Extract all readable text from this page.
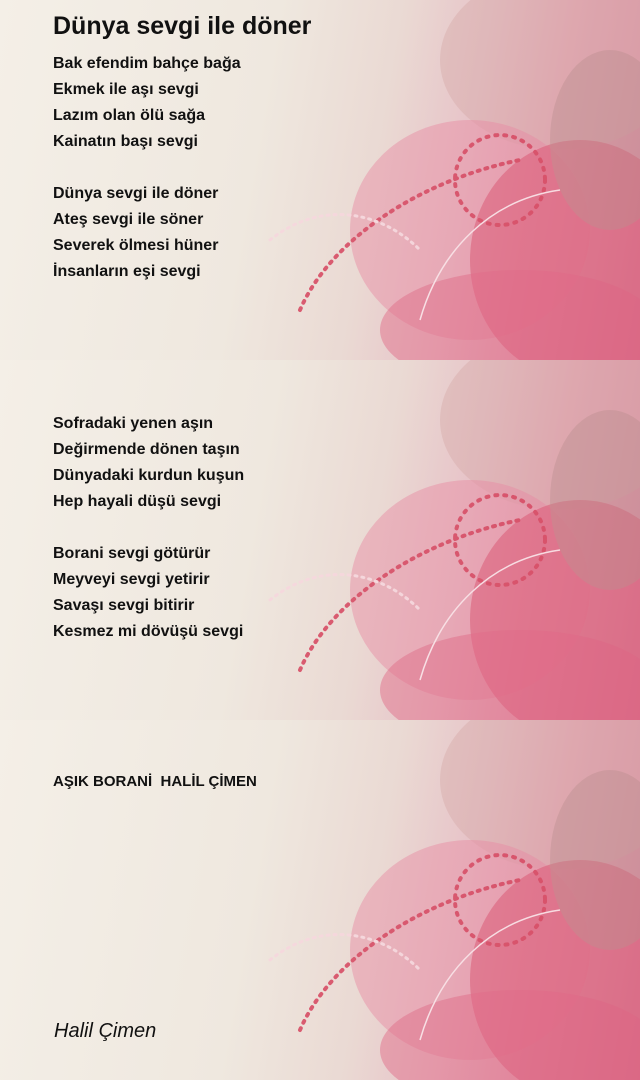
Dünya sevgi ile döner
Bak efendim bahçe bağa
Ekmek ile aşı sevgi
Lazım olan ölü sağa
Kainatın başı sevgi
Dünya sevgi ile döner
Ateş sevgi ile söner
Severek ölmesi hüner
İnsanların eşi sevgi
Sofradaki yenen aşın
Değirmende dönen taşın
Dünyadaki kurdun kuşun
Hep hayali düşü sevgi
Borani sevgi götürür
Meyveyi sevgi yetirir
Savaşı sevgi bitirir
Kesmez mi dövüşü sevgi
AŞIK BORANİ  HALİL ÇİMEN
Halil Çimen
